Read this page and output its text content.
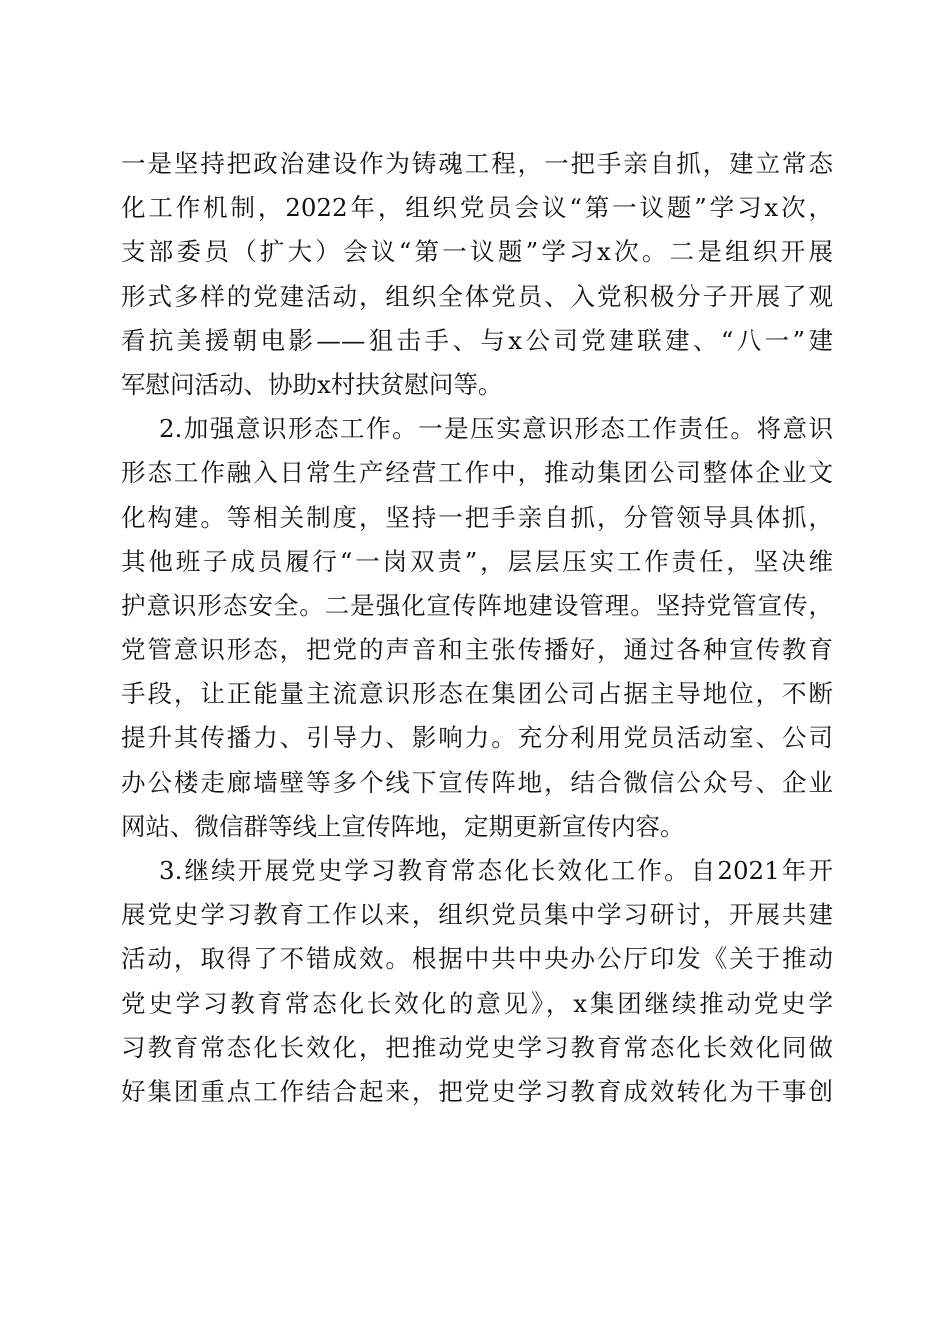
一是坚持把政治建设作为铸魂工程，一把手亲自抓，建立常态
化工作机制，2022年，组织党员会议“第一议题”学习x次，
支部委员（扩大）会议“第一议题”学习x次。二是组织开展
形式多样的党建活动，组织全体党员、入党积极分子开展了观
看抗美援朝电影——狙击手、与x公司党建联建、“八一”建
军慰问活动、协助x村扶贫慰问等。
2.加强意识形态工作。一是压实意识形态工作责任。将意识
形态工作融入日常生产经营工作中，推动集团公司整体企业文
化构建。等相关制度，坚持一把手亲自抓，分管领导具体抓，
其他班子成员履行“一岗双责”，层层压实工作责任，坚决维
护意识形态安全。二是强化宣传阵地建设管理。坚持党管宣传，
党管意识形态，把党的声音和主张传播好，通过各种宣传教育
手段，让正能量主流意识形态在集团公司占据主导地位，不断
提升其传播力、引导力、影响力。充分利用党员活动室、公司
办公楼走廊墙壁等多个线下宣传阵地，结合微信公众号、企业
网站、微信群等线上宣传阵地，定期更新宣传内容。
3.继续开展党史学习教育常态化长效化工作。自2021年开
展党史学习教育工作以来，组织党员集中学习研讨，开展共建
活动，取得了不错成效。根据中共中央办公厅印发《关于推动
党史学习教育常态化长效化的意见》，x集团继续推动党史学
习教育常态化长效化，把推动党史学习教育常态化长效化同做
好集团重点工作结合起来，把党史学习教育成效转化为干事创
